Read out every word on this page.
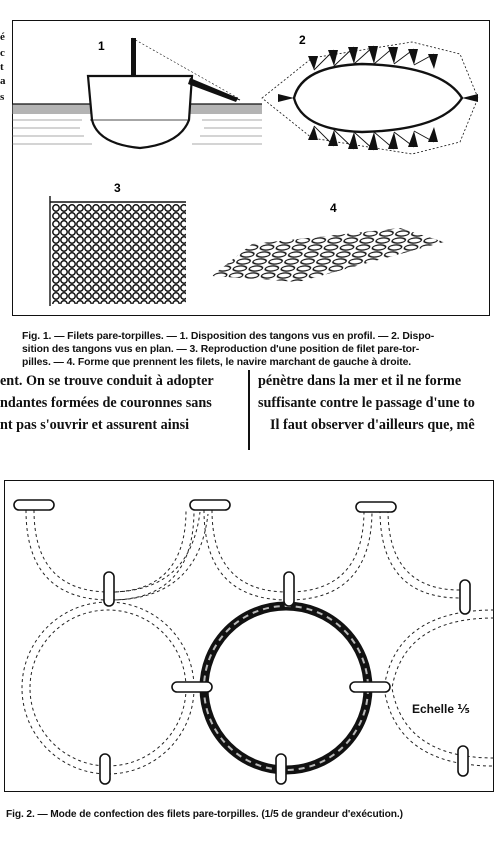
é
c
t
a
s
1	2
3
4
Fig. 1. — Filets pare-torpilles. — 1. Disposition des tangons vus en profil. — 2. Dispo-
sition des tangons vus en plan. — 3. Reproduction d'une position de filet pare-tor-
pilles. — 4. Forme que prennent les filets, le navire marchant de gauche à droite.
ent. On se trouve conduit à adopter
ndantes formées de couronnes sans
nt pas s'ouvrir et assurent ainsi
pénètre dans la mer et il ne forme
suffisante contre le passage d'une to
Il faut observer d'ailleurs que, mê
Echelle ⅕
Fig. 2. — Mode de confection des filets pare-torpilles. (1/5 de grandeur d'exécution.)
